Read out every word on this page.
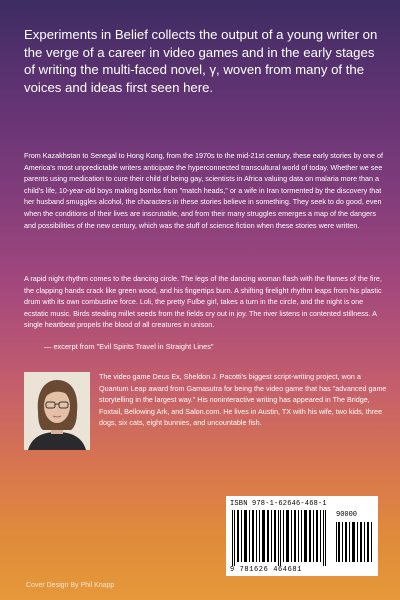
Experiments in Belief collects the output of a young writer on the verge of a career in video games and in the early stages of writing the multi-faced novel, γ, woven from many of the voices and ideas first seen here.

From Kazakhstan to Senegal to Hong Kong, from the 1970s to the mid-21st century, these early stories by one of America's most unpredictable writers anticipate the hyperconnected transcultural world of today. Whether we see parents using medication to cure their child of being gay, scientists in Africa valuing data on malaria more than a child's life, 10-year-old boys making bombs from "match heads," or a wife in Iran tormented by the discovery that her husband smuggles alcohol, the characters in these stories believe in something. They seek to do good, even when the conditions of their lives are inscrutable, and from their many struggles emerges a map of the dangers and possibilities of the new century, which was the stuff of science fiction when these stories were written.

A rapid night rhythm comes to the dancing circle. The legs of the dancing woman flash with the flames of the fire, the clapping hands crack like green wood, and his fingertips burn. A shifting firelight rhythm leaps from his plastic drum with its own combustive force. Loli, the pretty Fulbe girl, takes a turn in the circle, and the night is one ecstatic music. Birds stealing millet seeds from the fields cry out in joy. The river listens in contented stillness. A single heartbeat propels the blood of all creatures in unison.

— excerpt from "Evil Spirits Travel in Straight Lines"

The video game Deus Ex, Sheldon J. Pacotti's biggest script-writing project, won a Quantum Leap award from Gamasutra for being the video game that has "advanced game storytelling in the largest way." His noninteractive writing has appeared in The Bridge, Foxtail, Bellowing Ark, and Salon.com. He lives in Austin, TX with his wife, two kids, three dogs, six cats, eight bunnies, and uncountable fish.

ISBN 978-1-62646-468-1
90000
9 781626 464681

Cover Design By Phil Knapp
